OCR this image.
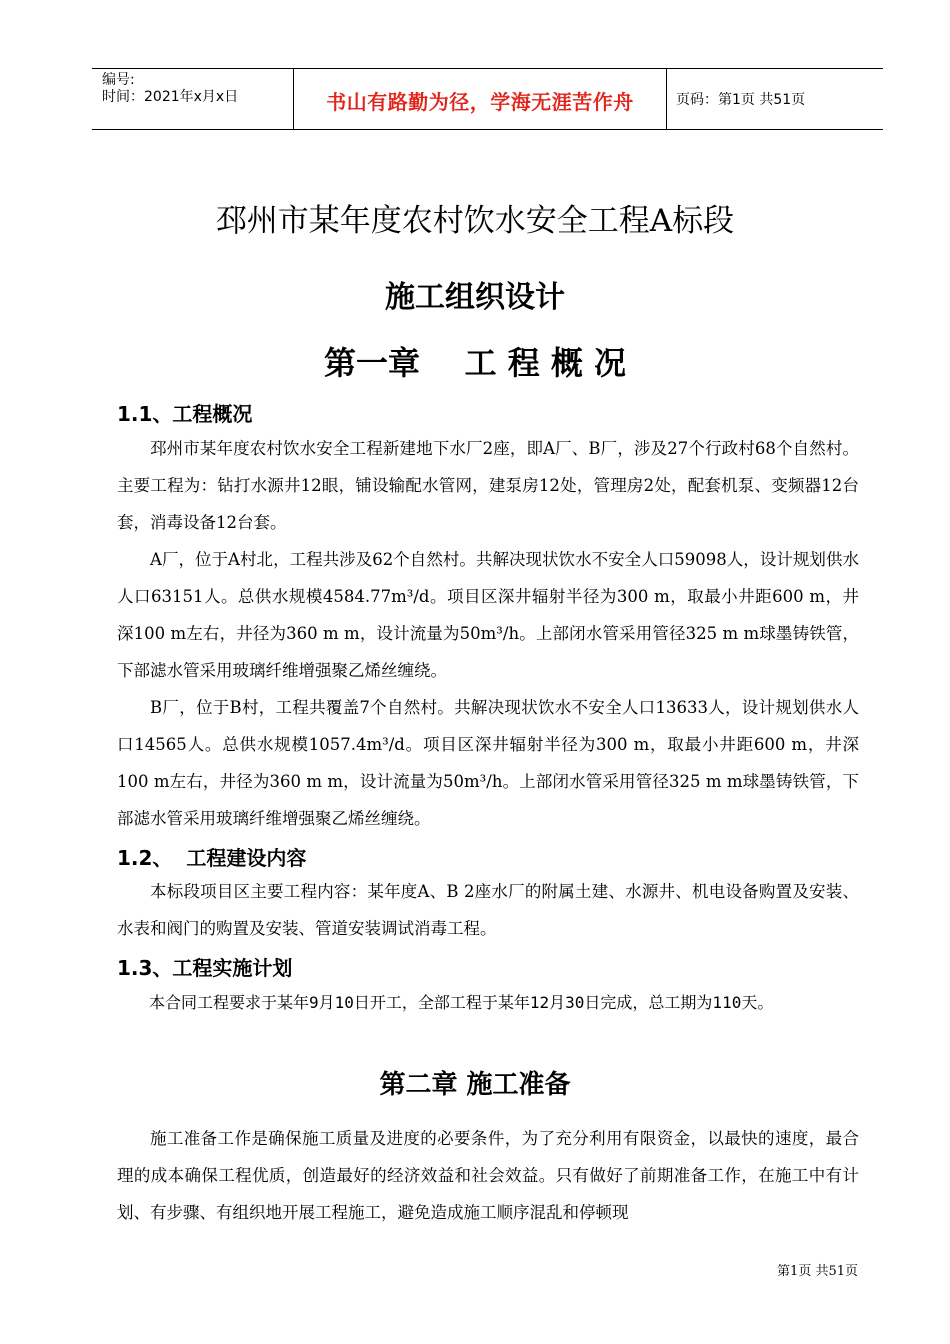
编号:
时间：2021年x月x日	书山有路勤为径，学海无涯苦作舟	页码：第1页 共51页
邳州市某年度农村饮水安全工程A标段
施工组织设计
第一章    工 程 概 况
1.1、工程概况

邳州市某年度农村饮水安全工程新建地下水厂2座，即A厂、B厂，涉及27个行政村68个自然村。主要工程为：钻打水源井12眼，铺设输配水管网，建泵房12处，管理房2处，配套机泵、变频器12台套，消毒设备12台套。

A厂，位于A村北，工程共涉及62个自然村。共解决现状饮水不安全人口59098人，设计规划供水人口63151人。总供水规模4584.77m³/d。项目区深井辐射半径为300 m，取最小井距600 m，井深100 m左右，井径为360 m m，设计流量为50m³/h。上部闭水管采用管径325 m m球墨铸铁管，下部滤水管采用玻璃纤维增强聚乙烯丝缠绕。

B厂，位于B村，工程共覆盖7个自然村。共解决现状饮水不安全人口13633人，设计规划供水人口14565人。总供水规模1057.4m³/d。项目区深井辐射半径为300 m，取最小井距600 m，井深100 m左右，井径为360 m m，设计流量为50m³/h。上部闭水管采用管径325 m m球墨铸铁管，下部滤水管采用玻璃纤维增强聚乙烯丝缠绕。

1.2、  工程建设内容

本标段项目区主要工程内容：某年度A、B 2座水厂的附属土建、水源井、机电设备购置及安装、水表和阀门的购置及安装、管道安装调试消毒工程。

1.3、工程实施计划

本合同工程要求于某年9月10日开工，全部工程于某年12月30日完成，总工期为110天。

第二章 施工准备

施工准备工作是确保施工质量及进度的必要条件，为了充分利用有限资金，以最快的速度，最合理的成本确保工程优质，创造最好的经济效益和社会效益。只有做好了前期准备工作，在施工中有计划、有步骤、有组织地开展工程施工，避免造成施工顺序混乱和停顿现

第1页 共51页
